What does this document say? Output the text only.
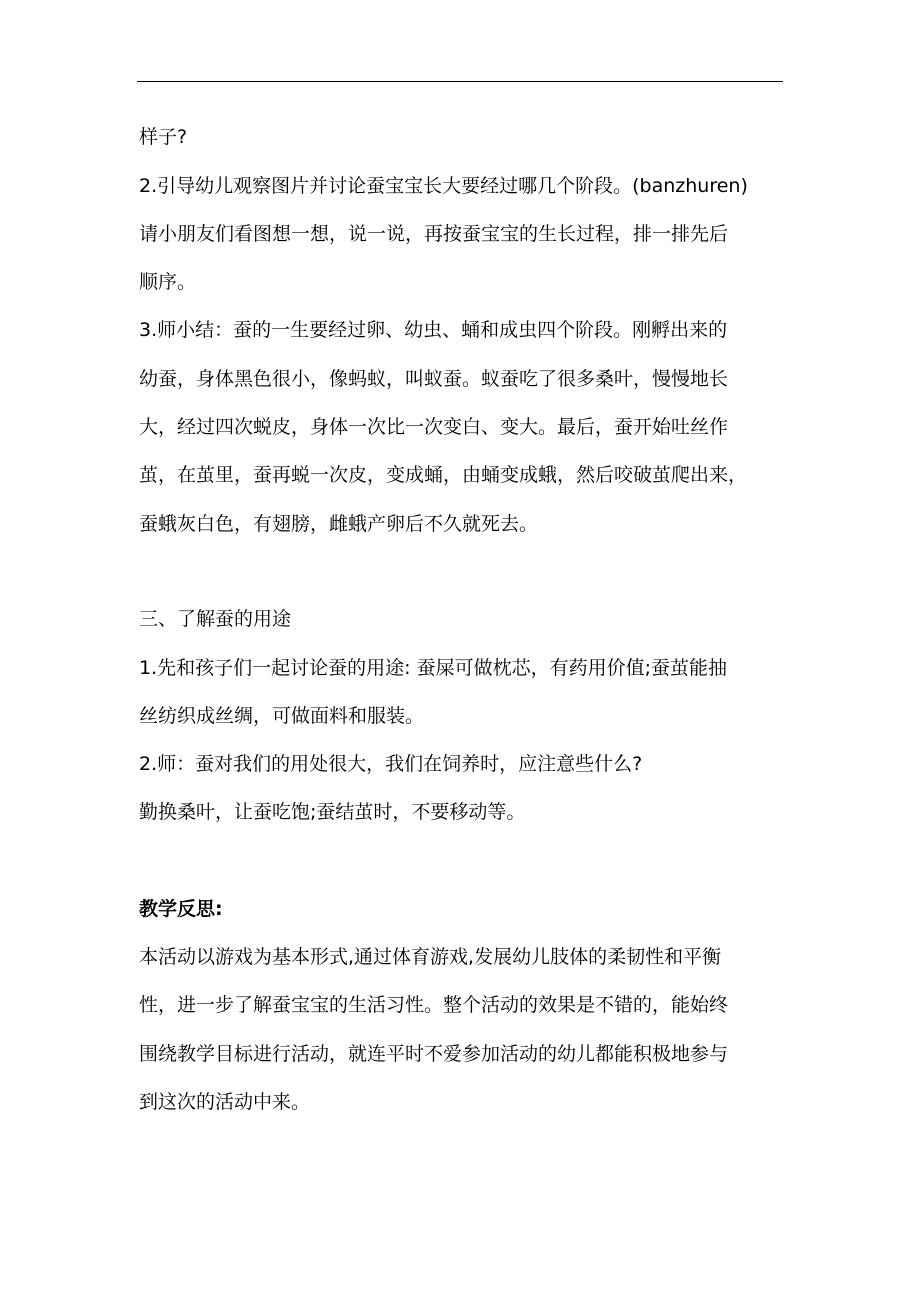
样子?
2.引导幼儿观察图片并讨论蚕宝宝长大要经过哪几个阶段。(banzhuren)
请小朋友们看图想一想，说一说，再按蚕宝宝的生长过程，排一排先后
顺序。
3.师小结：蚕的一生要经过卵、幼虫、蛹和成虫四个阶段。刚孵出来的
幼蚕，身体黑色很小，像蚂蚁，叫蚁蚕。蚁蚕吃了很多桑叶，慢慢地长
大，经过四次蜕皮，身体一次比一次变白、变大。最后，蚕开始吐丝作
茧，在茧里，蚕再蜕一次皮，变成蛹，由蛹变成蛾，然后咬破茧爬出来，
蚕蛾灰白色，有翅膀，雌蛾产卵后不久就死去。
三、了解蚕的用途
1.先和孩子们一起讨论蚕的用途: 蚕屎可做枕芯，有药用价值;蚕茧能抽
丝纺织成丝绸，可做面料和服装。
2.师：蚕对我们的用处很大，我们在饲养时，应注意些什么?
勤换桑叶，让蚕吃饱;蚕结茧时，不要移动等。
教学反思:
本活动以游戏为基本形式,通过体育游戏,发展幼儿肢体的柔韧性和平衡
性，进一步了解蚕宝宝的生活习性。整个活动的效果是不错的，能始终
围绕教学目标进行活动，就连平时不爱参加活动的幼儿都能积极地参与
到这次的活动中来。
